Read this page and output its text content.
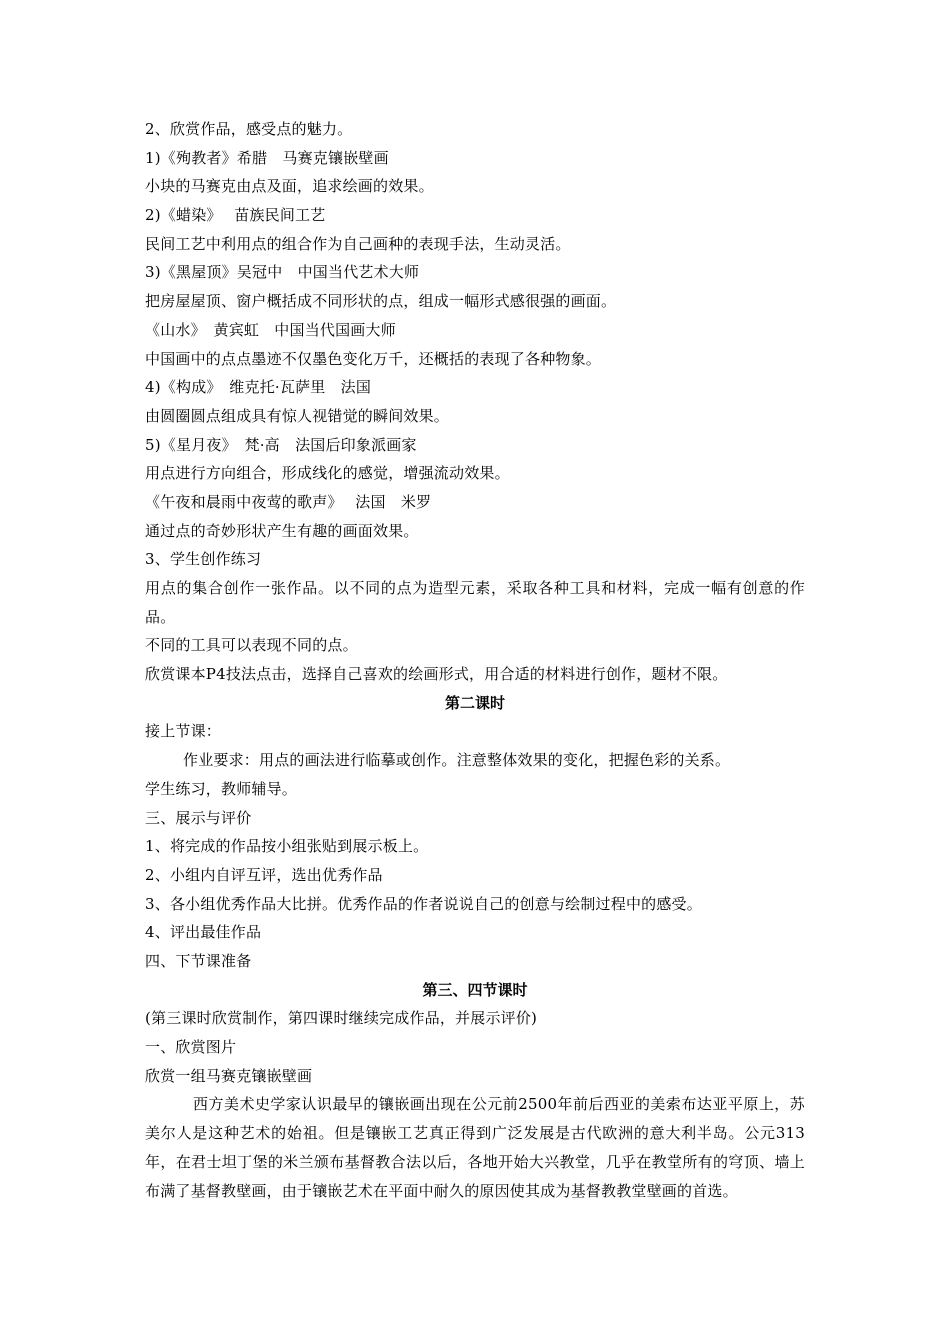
2、欣赏作品，感受点的魅力。
1)《殉教者》希腊　马赛克镶嵌壁画
小块的马赛克由点及面，追求绘画的效果。
2)《蜡染》　 苗族民间工艺
民间工艺中利用点的组合作为自己画种的表现手法，生动灵活。
3)《黑屋顶》吴冠中　中国当代艺术大师
把房屋屋顶、窗户概括成不同形状的点，组成一幅形式感很强的画面。
《山水》　黄宾虹　中国当代国画大师
中国画中的点点墨迹不仅墨色变化万千，还概括的表现了各种物象。
4)《构成》　维克托·瓦萨里　法国
由圆圈圆点组成具有惊人视错觉的瞬间效果。
5)《星月夜》　梵·高　法国后印象派画家
用点进行方向组合，形成线化的感觉，增强流动效果。
《午夜和晨雨中夜莺的歌声》　 法国　米罗
通过点的奇妙形状产生有趣的画面效果。
3、学生创作练习
用点的集合创作一张作品。以不同的点为造型元素，采取各种工具和材料，完成一幅有创意的作品。
不同的工具可以表现不同的点。
欣赏课本P4技法点击，选择自己喜欢的绘画形式，用合适的材料进行创作，题材不限。
第二课时
接上节课：
作业要求：用点的画法进行临摹或创作。注意整体效果的变化，把握色彩的关系。
学生练习，教师辅导。
三、展示与评价
1、将完成的作品按小组张贴到展示板上。
2、小组内自评互评，选出优秀作品
3、各小组优秀作品大比拼。优秀作品的作者说说自己的创意与绘制过程中的感受。
4、评出最佳作品
四、下节课准备
第三、四节课时
(第三课时欣赏制作，第四课时继续完成作品，并展示评价)
一、欣赏图片
欣赏一组马赛克镶嵌壁画
西方美术史学家认识最早的镶嵌画出现在公元前2500年前后西亚的美索布达亚平原上，苏美尔人是这种艺术的始祖。但是镶嵌工艺真正得到广泛发展是古代欧洲的意大利半岛。公元313年，在君士坦丁堡的米兰颁布基督教合法以后，各地开始大兴教堂，几乎在教堂所有的穹顶、墙上布满了基督教壁画，由于镶嵌艺术在平面中耐久的原因使其成为基督教教堂壁画的首选。
